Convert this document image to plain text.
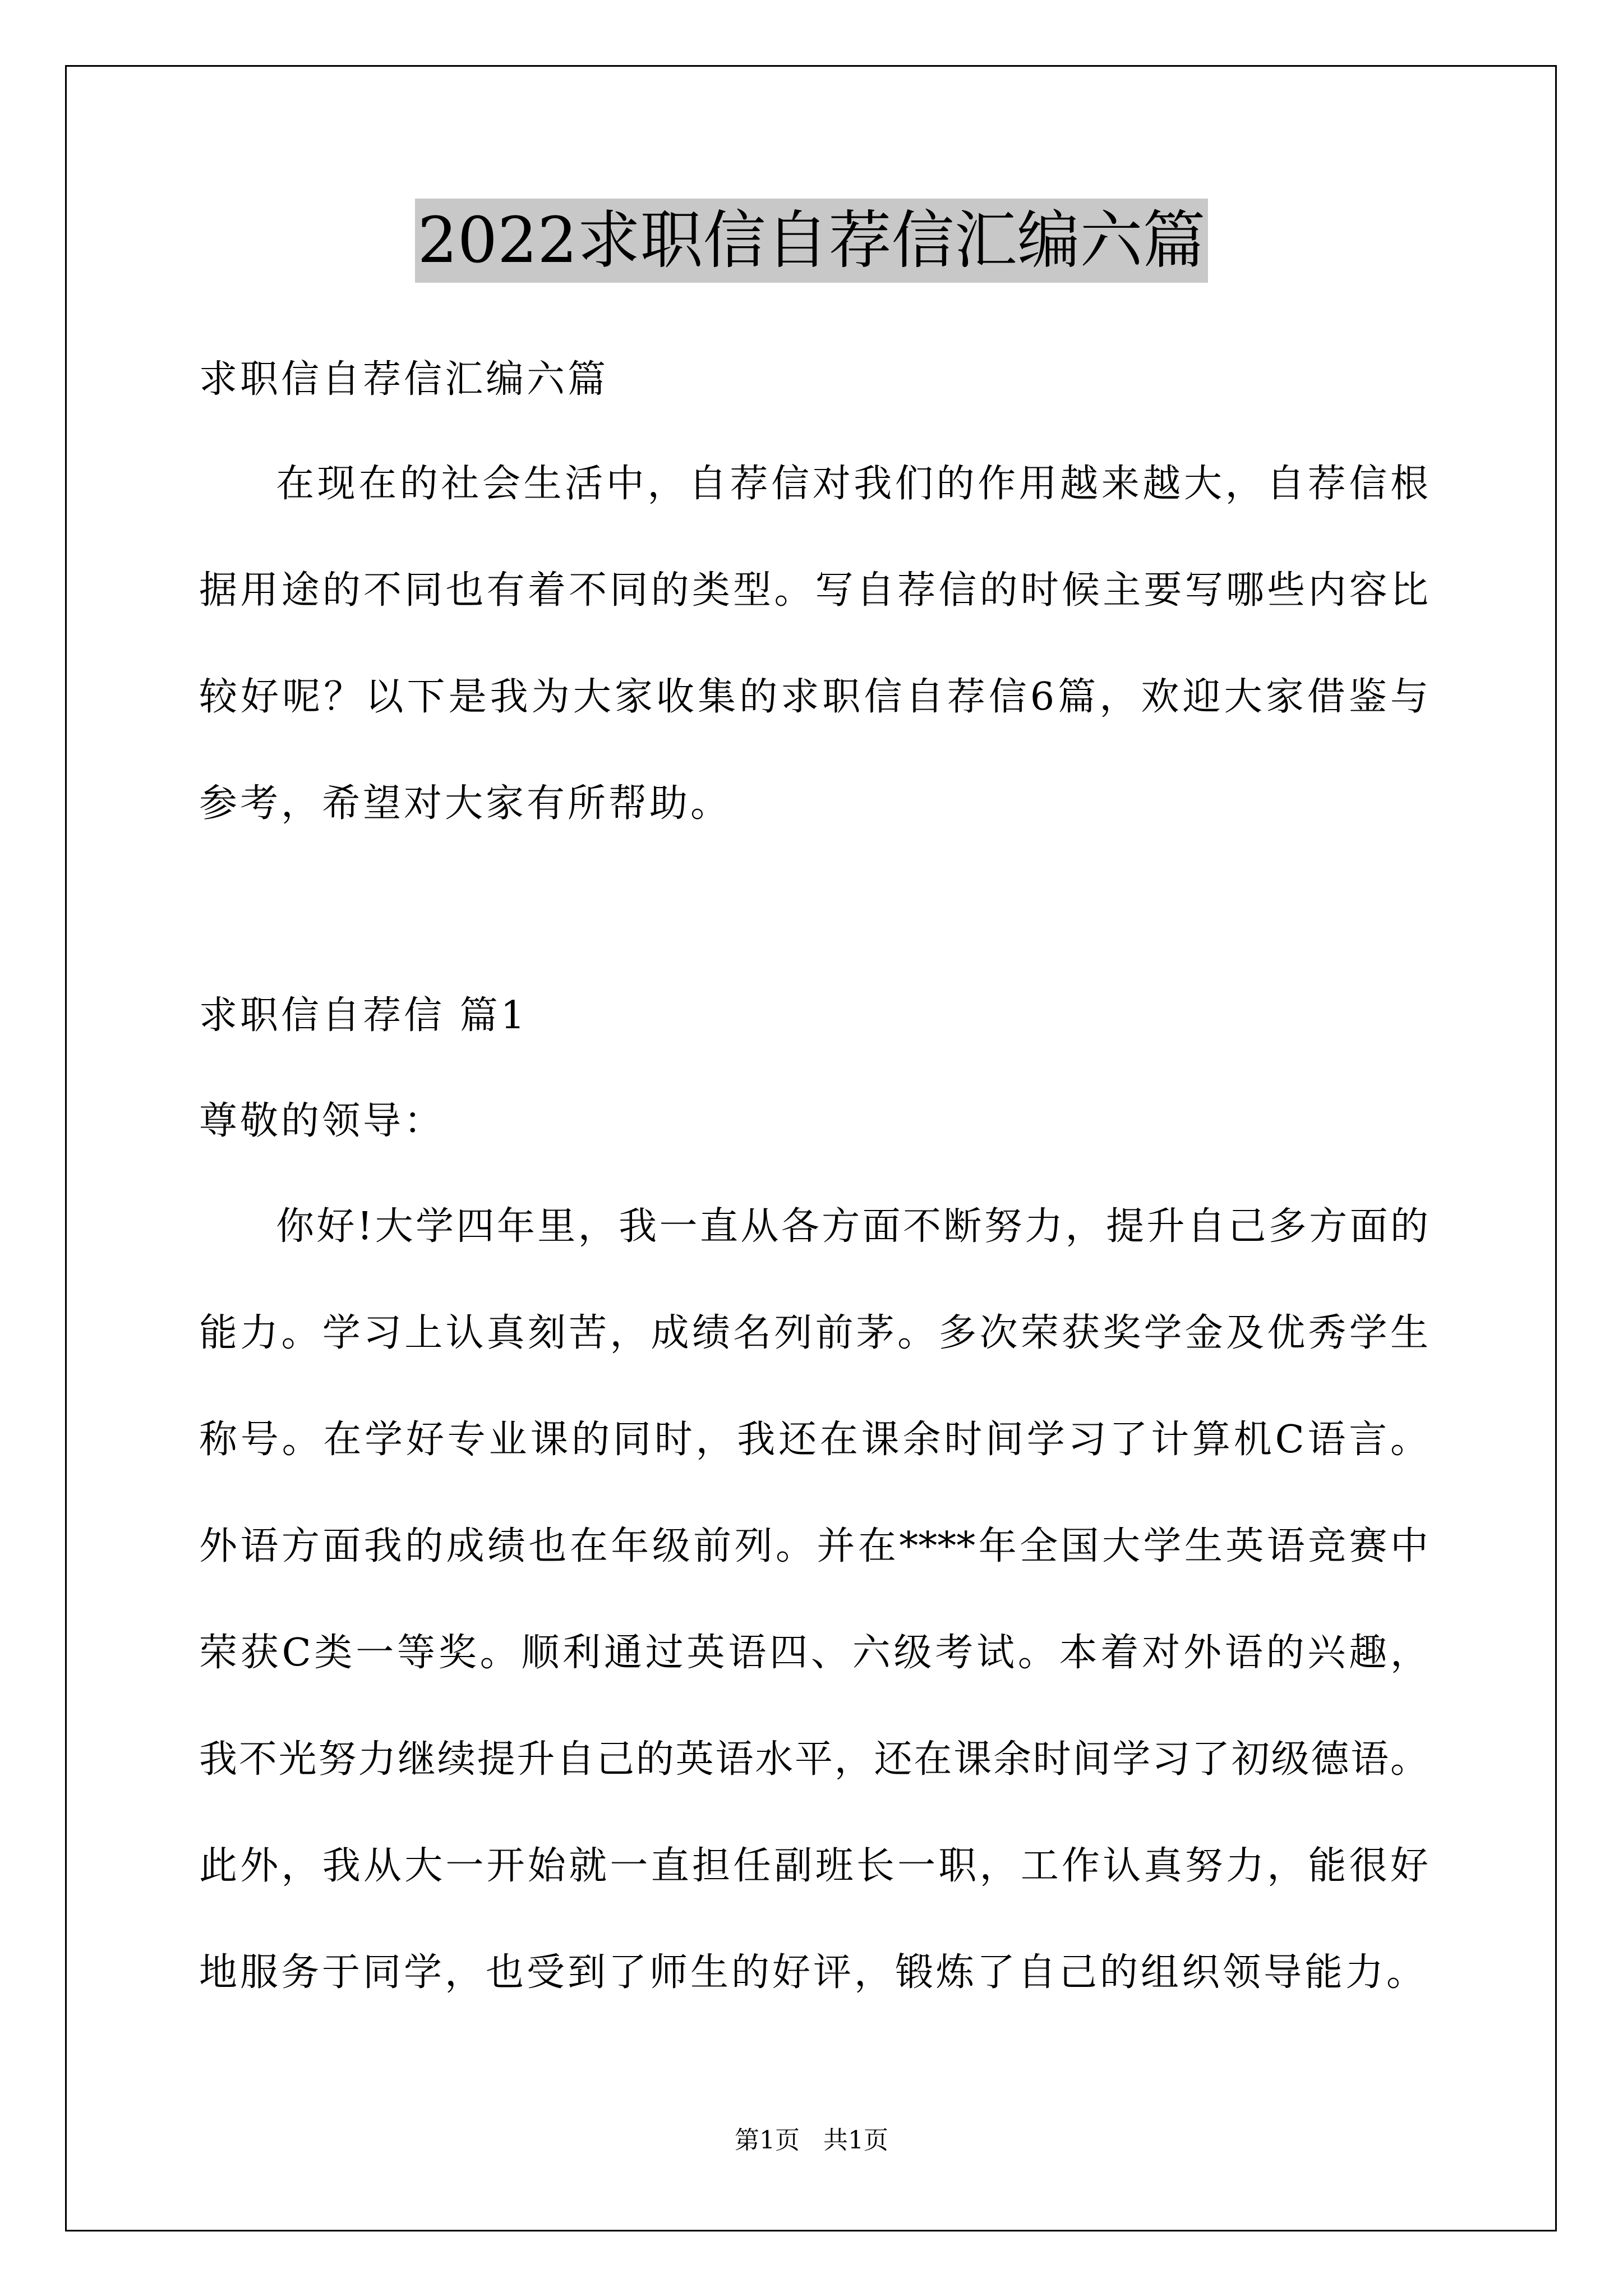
2022求职信自荐信汇编六篇
求职信自荐信汇编六篇
在现在的社会生活中，自荐信对我们的作用越来越大，自荐信根
据用途的不同也有着不同的类型。写自荐信的时候主要写哪些内容比
较好呢？以下是我为大家收集的求职信自荐信6篇，欢迎大家借鉴与
参考，希望对大家有所帮助。
求职信自荐信 篇1
尊敬的领导：
你好!大学四年里，我一直从各方面不断努力，提升自己多方面的
能力。学习上认真刻苦，成绩名列前茅。多次荣获奖学金及优秀学生
称号。在学好专业课的同时，我还在课余时间学习了计算机C语言。
外语方面我的成绩也在年级前列。并在****年全国大学生英语竞赛中
荣获C类一等奖。顺利通过英语四、六级考试。本着对外语的兴趣，
我不光努力继续提升自己的英语水平，还在课余时间学习了初级德语。
此外，我从大一开始就一直担任副班长一职，工作认真努力，能很好
地服务于同学，也受到了师生的好评，锻炼了自己的组织领导能力。
第1页   共1页
